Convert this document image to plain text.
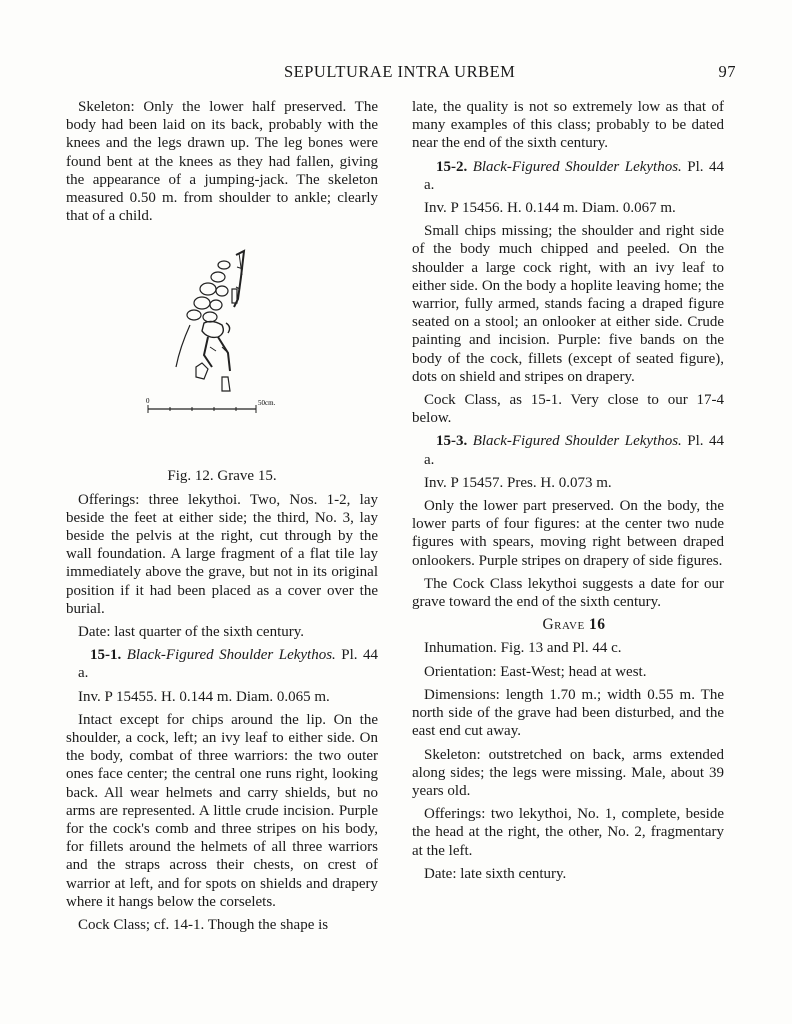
SEPULTURAE INTRA URBEM	97

Skeleton: Only the lower half preserved. The body had been laid on its back, probably with the knees and the legs drawn up. The leg bones were found bent at the knees as they had fallen, giving the appearance of a jumping-jack. The skeleton measured 0.50 m. from shoulder to ankle; clearly that of a child.

0	50cm.

Fig. 12. Grave 15.

Offerings: three lekythoi. Two, Nos. 1-2, lay beside the feet at either side; the third, No. 3, lay beside the pelvis at the right, cut through by the wall foundation. A large fragment of a flat tile lay immediately above the grave, but not in its original position if it had been placed as a cover over the burial.

Date: last quarter of the sixth century.

15-1. Black-Figured Shoulder Lekythos. Pl. 44 a.

Inv. P 15455. H. 0.144 m. Diam. 0.065 m.

Intact except for chips around the lip. On the shoulder, a cock, left; an ivy leaf to either side. On the body, combat of three warriors: the two outer ones face center; the central one runs right, looking back. All wear helmets and carry shields, but no arms are represented. A little crude incision. Purple for the cock's comb and three stripes on his body, for fillets around the helmets of all three warriors and the straps across their chests, on crest of warrior at left, and for spots on shields and drapery where it hangs below the corselets.

Cock Class; cf. 14-1. Though the shape is

late, the quality is not so extremely low as that of many examples of this class; probably to be dated near the end of the sixth century.

15-2. Black-Figured Shoulder Lekythos. Pl. 44 a.

Inv. P 15456. H. 0.144 m. Diam. 0.067 m.

Small chips missing; the shoulder and right side of the body much chipped and peeled. On the shoulder a large cock right, with an ivy leaf to either side. On the body a hoplite leaving home; the warrior, fully armed, stands facing a draped figure seated on a stool; an onlooker at either side. Crude painting and incision. Purple: five bands on the body of the cock, fillets (except of seated figure), dots on shield and stripes on drapery.

Cock Class, as 15-1. Very close to our 17-4 below.

15-3. Black-Figured Shoulder Lekythos. Pl. 44 a.

Inv. P 15457. Pres. H. 0.073 m.

Only the lower part preserved. On the body, the lower parts of four figures: at the center two nude figures with spears, moving right between draped onlookers. Purple stripes on drapery of side figures.

The Cock Class lekythoi suggests a date for our grave toward the end of the sixth century.

Grave 16

Inhumation. Fig. 13 and Pl. 44 c.

Orientation: East-West; head at west.

Dimensions: length 1.70 m.; width 0.55 m. The north side of the grave had been disturbed, and the east end cut away.

Skeleton: outstretched on back, arms extended along sides; the legs were missing. Male, about 39 years old.

Offerings: two lekythoi, No. 1, complete, beside the head at the right, the other, No. 2, fragmentary at the left.

Date: late sixth century.
